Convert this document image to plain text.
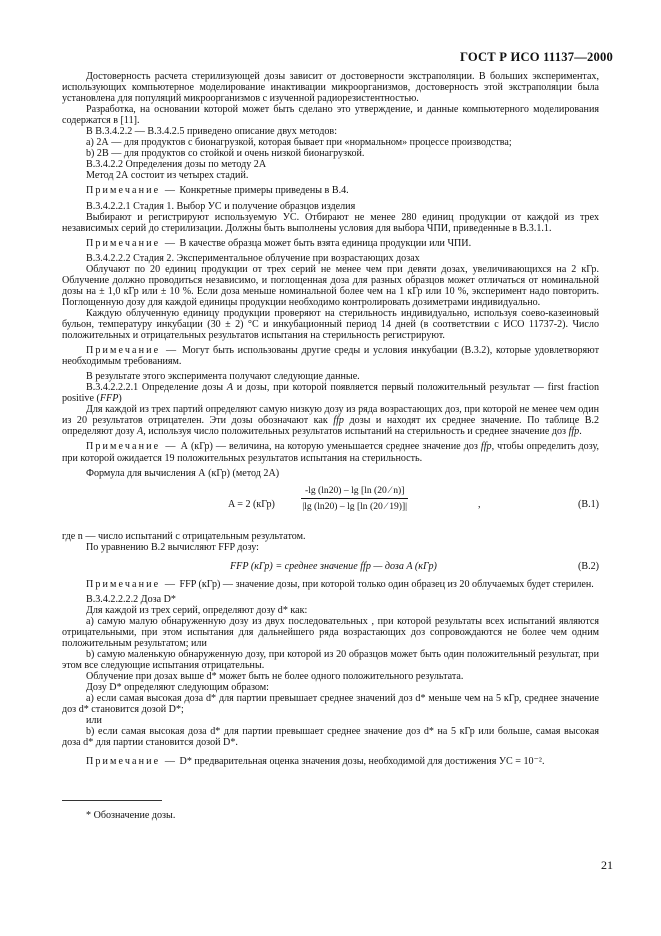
ГОСТ Р ИСО 11137—2000

Достоверность расчета стерилизующей дозы зависит от достоверности экстраполяции. В больших экспериментах, использующих компьютерное моделирование инактивации микроорганизмов, достоверность этой экстраполяции была установлена для популяций микроорганизмов с изученной радиорезистентностью.

Разработка, на основании которой может быть сделано это утверждение, и данные компьютерного моделирования содержатся в [11].

В В.3.4.2.2 — В.3.4.2.5 приведено описание двух методов:

а) 2А — для продуктов с бионагрузкой, которая бывает при «нормальном» процессе производства;

b) 2В — для продуктов со стойкой и очень низкой бионагрузкой.

В.3.4.2.2 Определения дозы по методу 2А

Метод 2А состоит из четырех стадий.

Примечание — Конкретные примеры приведены в В.4.

В.3.4.2.2.1 Стадия 1. Выбор УС и получение образцов изделия

Выбирают и регистрируют используемую УС. Отбирают не менее 280 единиц продукции от каждой из трех независимых серий до стерилизации. Должны быть выполнены условия для выбора ЧПИ, приведенные в В.3.1.1.

Примечание — В качестве образца может быть взята единица продукции или ЧПИ.

В.3.4.2.2.2 Стадия 2. Экспериментальное облучение при возрастающих дозах

Облучают по 20 единиц продукции от трех серий не менее чем при девяти дозах, увеличивающихся на 2 кГр. Облучение должно проводиться независимо, и поглощенная доза для разных образцов может отличаться от номинальной дозы на ± 1,0 кГр или ± 10 %. Если доза меньше номинальной более чем на 1 кГр или 10 %, эксперимент надо повторить. Поглощенную дозу для каждой единицы продукции необходимо контролировать дозиметрами индивидуально.

Каждую облученную единицу продукции проверяют на стерильность индивидуально, используя соево-казеиновый бульон, температуру инкубации (30 ± 2) °С и инкубационный период 14 дней (в соответствии с ИСО 11737-2). Число положительных и отрицательных результатов испытания на стерильность регистрируют.

Примечание — Могут быть использованы другие среды и условия инкубации (В.3.2), которые удовлетворяют необходимым требованиям.

В результате этого эксперимента получают следующие данные.

В.3.4.2.2.2.1 Определение дозы А и дозы, при которой появляется первый положительный результат — first fraction positive (FFP)

Для каждой из трех партий определяют самую низкую дозу из ряда возрастающих доз, при которой не менее чем один из 20 результатов отрицателен. Эти дозы обозначают как ffp дозы и находят их среднее значение. По таблице В.2 определяют дозу А, используя число положительных результатов испытаний на стерильность и среднее значение доз ffp.

Примечание — А (кГр) — величина, на которую уменьшается среднее значение доз ffp, чтобы определить дозу, при которой ожидается 19 положительных результатов испытания на стерильность.

Формула для вычисления А (кГр) (метод 2А)

A = 2 (кГр)	$\frac{-\lg (\ln 20) - \lg [\ln (20 ⁄ n)]}{|\lg (\ln 20) - \lg [\ln (20 ⁄ 19)]|}$	,	(В.1)

где n — число испытаний с отрицательным результатом.

По уравнению В.2 вычисляют FFP дозу:

FFP (кГр) = среднее значение ffp — доза A (кГр)	(В.2)

Примечание — FFP (кГр) — значение дозы, при которой только один образец из 20 облучаемых будет стерилен.

В.3.4.2.2.2.2 Доза D*

Для каждой из трех серий, определяют дозу d* как:

а) самую малую обнаруженную дозу из двух последовательных , при которой результаты всех испытаний являются отрицательными, при этом испытания для дальнейшего ряда возрастающих доз сопровождаются не более чем одним положительным результатом; или

b) самую маленькую обнаруженную дозу, при которой из 20 образцов может быть один положительный результат, при этом все следующие испытания отрицательны.

Облучение при дозах выше d* может быть не более одного положительного результата.

Дозу D* определяют следующим образом:

а) если самая высокая доза d* для партии превышает среднее значений доз d* меньше чем на 5 кГр, среднее значение доз d* становится дозой D*;

или

b) если самая высокая доза d* для партии превышает среднее значение доз d* на 5 кГр или больше, самая высокая доза d* для партии становится дозой D*.

Примечание — D* предварительная оценка значения дозы, необходимой для достижения УС = 10⁻².

* Обозначение дозы.
21
